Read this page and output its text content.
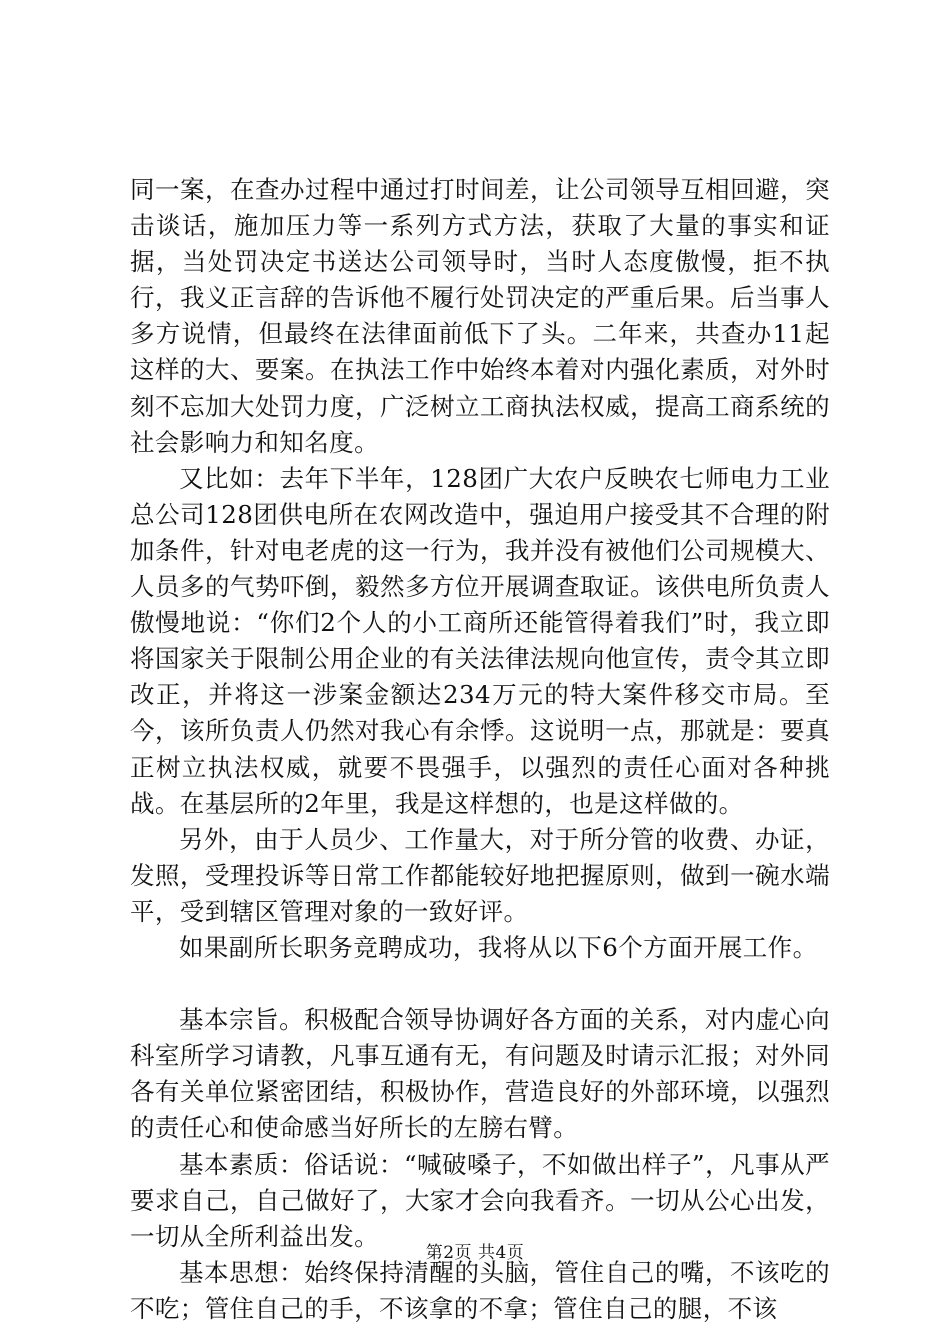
同一案，在查办过程中通过打时间差，让公司领导互相回避，突击谈话，施加压力等一系列方式方法，获取了大量的事实和证据，当处罚决定书送达公司领导时，当时人态度傲慢，拒不执行，我义正言辞的告诉他不履行处罚决定的严重后果。后当事人多方说情，但最终在法律面前低下了头。二年来，共查办11起这样的大、要案。在执法工作中始终本着对内强化素质，对外时刻不忘加大处罚力度，广泛树立工商执法权威，提高工商系统的社会影响力和知名度。

又比如：去年下半年，128团广大农户反映农七师电力工业总公司128团供电所在农网改造中，强迫用户接受其不合理的附加条件，针对电老虎的这一行为，我并没有被他们公司规模大、人员多的气势吓倒，毅然多方位开展调查取证。该供电所负责人傲慢地说：“你们2个人的小工商所还能管得着我们”时，我立即将国家关于限制公用企业的有关法律法规向他宣传，责令其立即改正，并将这一涉案金额达234万元的特大案件移交市局。至今，该所负责人仍然对我心有余悸。这说明一点，那就是：要真正树立执法权威，就要不畏强手，以强烈的责任心面对各种挑战。在基层所的2年里，我是这样想的，也是这样做的。

另外，由于人员少、工作量大，对于所分管的收费、办证，发照，受理投诉等日常工作都能较好地把握原则，做到一碗水端平，受到辖区管理对象的一致好评。

如果副所长职务竞聘成功，我将从以下6个方面开展工作。

基本宗旨。积极配合领导协调好各方面的关系，对内虚心向科室所学习请教，凡事互通有无，有问题及时请示汇报；对外同各有关单位紧密团结，积极协作，营造良好的外部环境，以强烈的责任心和使命感当好所长的左膀右臂。

基本素质：俗话说：“喊破嗓子，不如做出样子”，凡事从严要求自己，自己做好了，大家才会向我看齐。一切从公心出发，一切从全所利益出发。

基本思想：始终保持清醒的头脑，管住自己的嘴，不该吃的不吃；管住自己的手，不该拿的不拿；管住自己的腿，不该

第2页 共4页
